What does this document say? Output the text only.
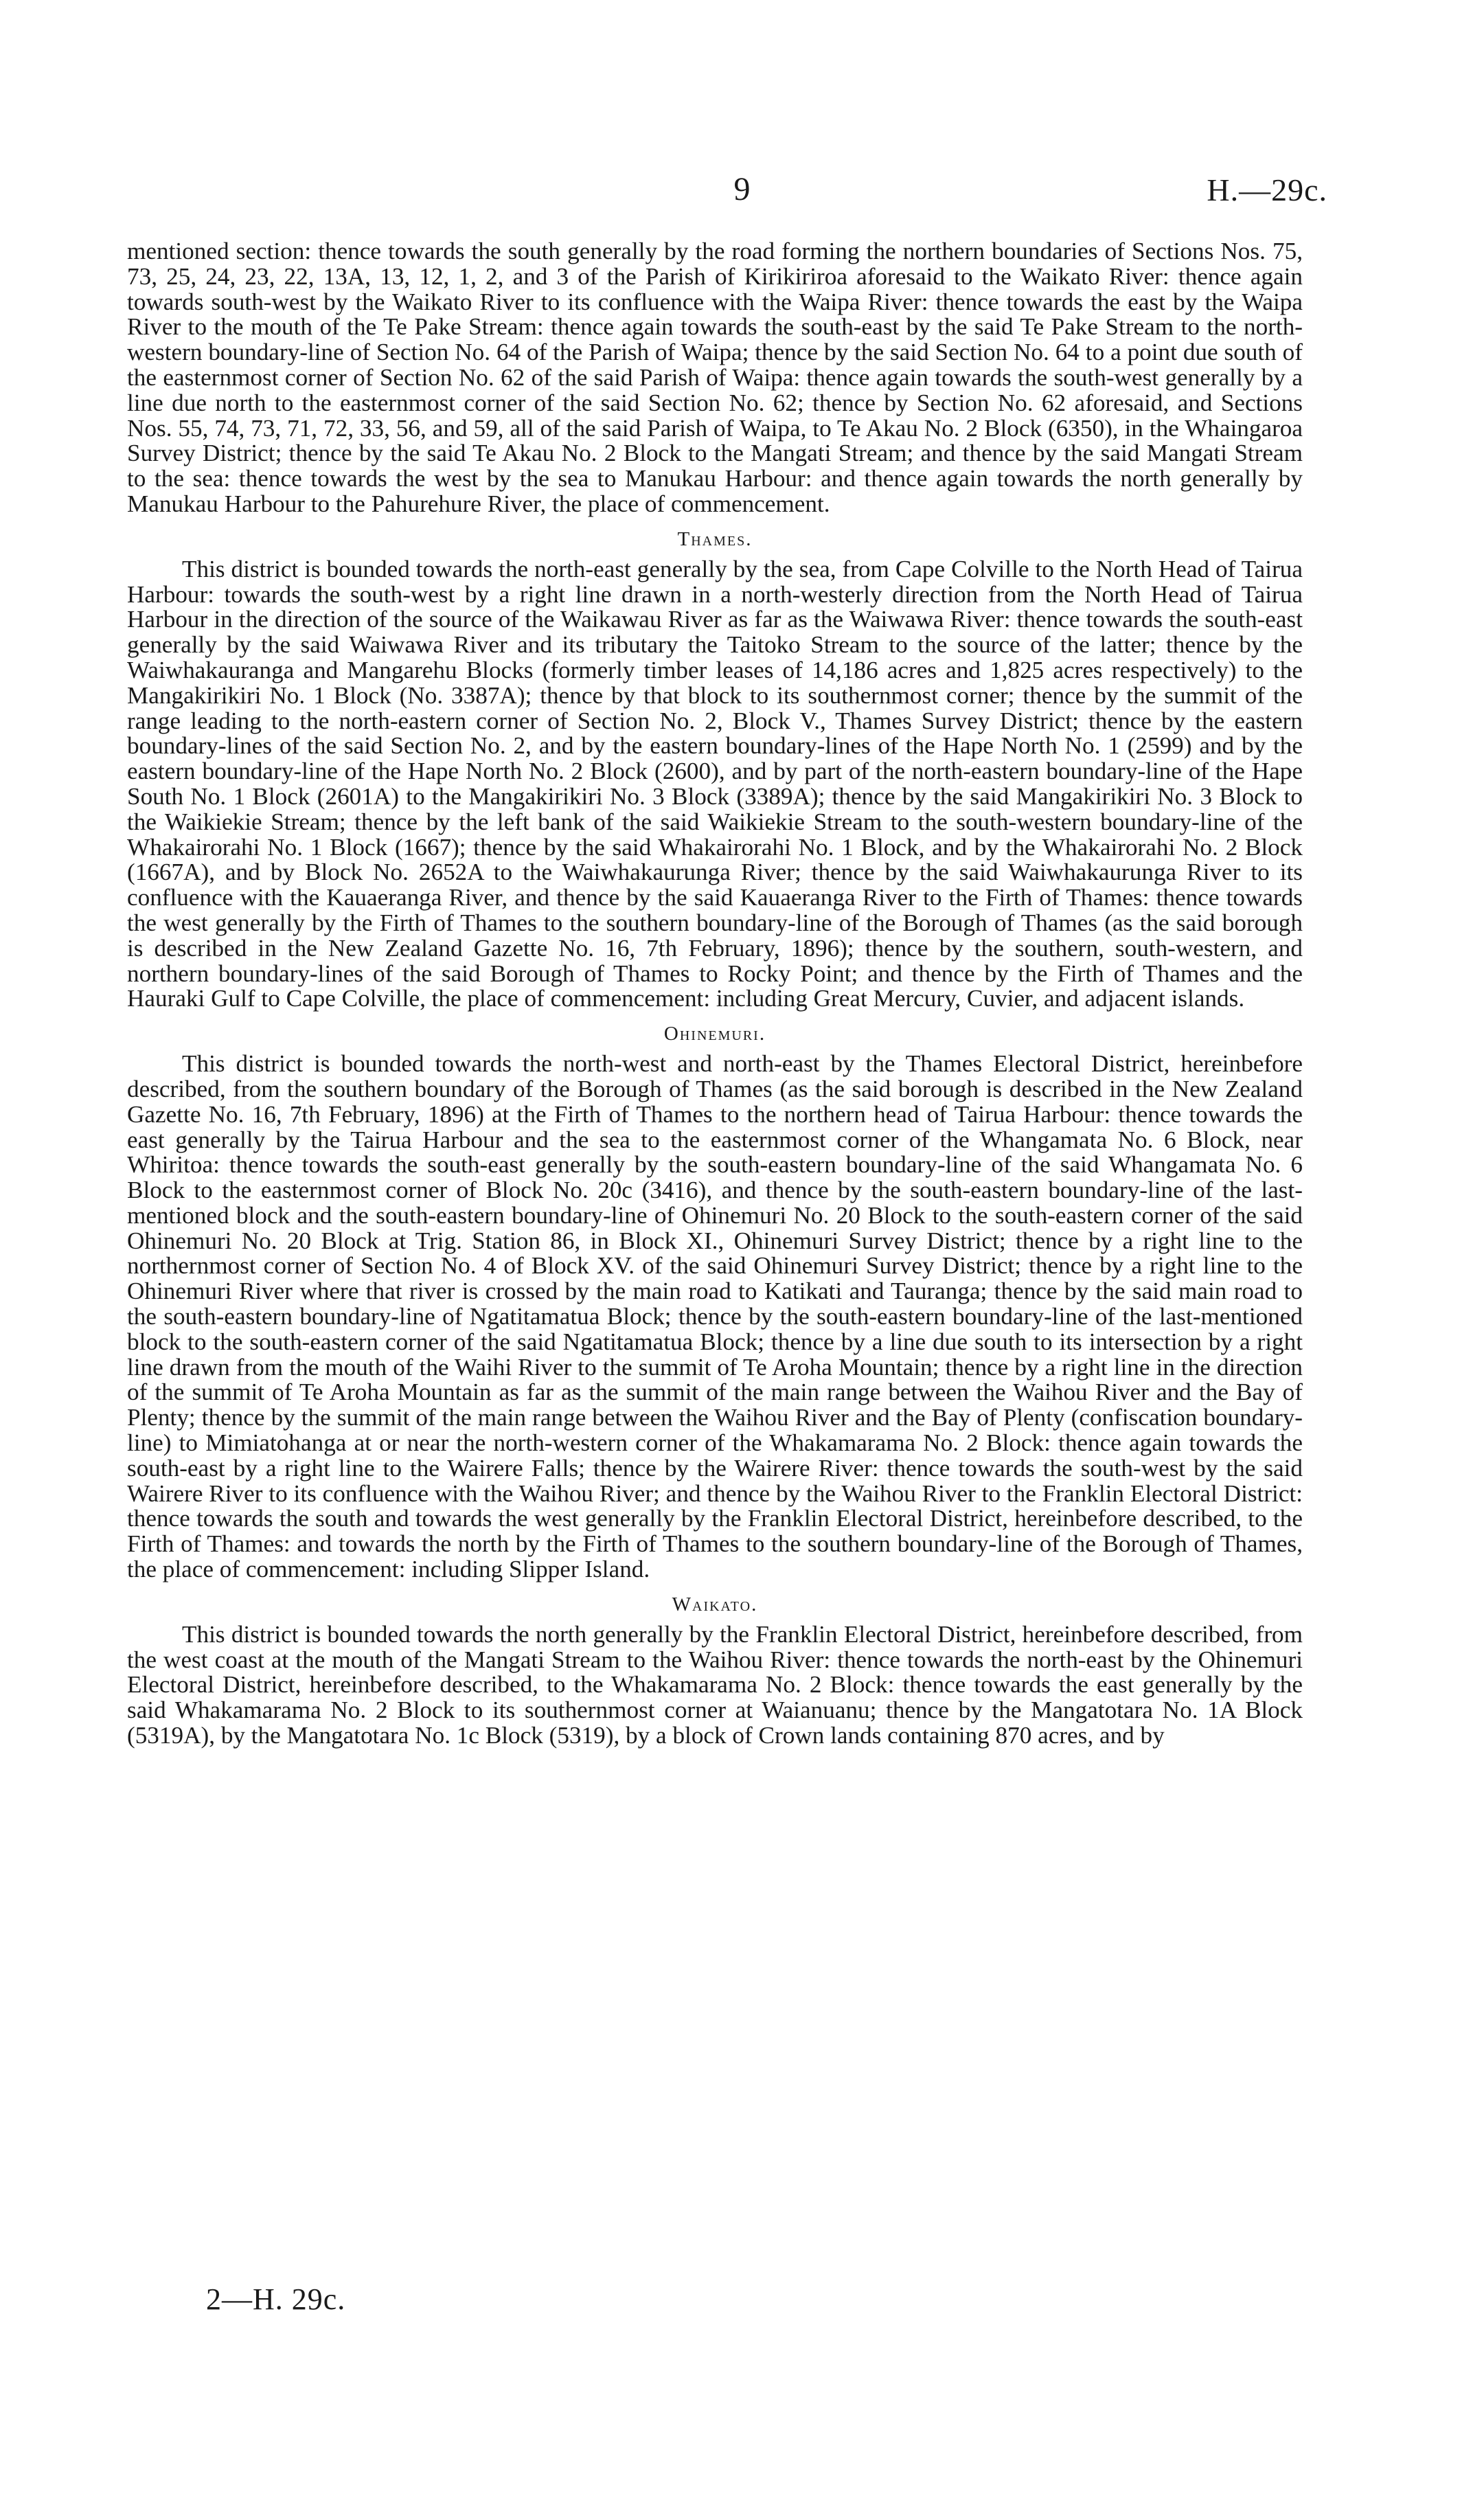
9	H.—29c.

mentioned section: thence towards the south generally by the road forming the northern boundaries of Sections Nos. 75, 73, 25, 24, 23, 22, 13A, 13, 12, 1, 2, and 3 of the Parish of Kirikiriroa aforesaid to the Waikato River: thence again towards south-west by the Waikato River to its confluence with the Waipa River: thence towards the east by the Waipa River to the mouth of the Te Pake Stream: thence again towards the south-east by the said Te Pake Stream to the north-western boundary-line of Section No. 64 of the Parish of Waipa; thence by the said Section No. 64 to a point due south of the easternmost corner of Section No. 62 of the said Parish of Waipa: thence again towards the south-west generally by a line due north to the easternmost corner of the said Section No. 62; thence by Section No. 62 aforesaid, and Sections Nos. 55, 74, 73, 71, 72, 33, 56, and 59, all of the said Parish of Waipa, to Te Akau No. 2 Block (6350), in the Whaingaroa Survey District; thence by the said Te Akau No. 2 Block to the Mangati Stream; and thence by the said Mangati Stream to the sea: thence towards the west by the sea to Manukau Harbour: and thence again towards the north generally by Manukau Harbour to the Pahurehure River, the place of commencement.

Thames.

This district is bounded towards the north-east generally by the sea, from Cape Colville to the North Head of Tairua Harbour: towards the south-west by a right line drawn in a north-westerly direction from the North Head of Tairua Harbour in the direction of the source of the Waikawau River as far as the Waiwawa River: thence towards the south-east generally by the said Waiwawa River and its tributary the Taitoko Stream to the source of the latter; thence by the Waiwhakauranga and Mangarehu Blocks (formerly timber leases of 14,186 acres and 1,825 acres respectively) to the Mangakirikiri No. 1 Block (No. 3387A); thence by that block to its southernmost corner; thence by the summit of the range leading to the north-eastern corner of Section No. 2, Block V., Thames Survey District; thence by the eastern boundary-lines of the said Section No. 2, and by the eastern boundary-lines of the Hape North No. 1 (2599) and by the eastern boundary-line of the Hape North No. 2 Block (2600), and by part of the north-eastern boundary-line of the Hape South No. 1 Block (2601A) to the Mangakirikiri No. 3 Block (3389A); thence by the said Mangakirikiri No. 3 Block to the Waikiekie Stream; thence by the left bank of the said Waikiekie Stream to the south-western boundary-line of the Whakairorahi No. 1 Block (1667); thence by the said Whakairorahi No. 1 Block, and by the Whakairorahi No. 2 Block (1667A), and by Block No. 2652A to the Waiwhakaurunga River; thence by the said Waiwhakaurunga River to its confluence with the Kauaeranga River, and thence by the said Kauaeranga River to the Firth of Thames: thence towards the west generally by the Firth of Thames to the southern boundary-line of the Borough of Thames (as the said borough is described in the New Zealand Gazette No. 16, 7th February, 1896); thence by the southern, south-western, and northern boundary-lines of the said Borough of Thames to Rocky Point; and thence by the Firth of Thames and the Hauraki Gulf to Cape Colville, the place of commencement: including Great Mercury, Cuvier, and adjacent islands.

Ohinemuri.

This district is bounded towards the north-west and north-east by the Thames Electoral District, hereinbefore described, from the southern boundary of the Borough of Thames (as the said borough is described in the New Zealand Gazette No. 16, 7th February, 1896) at the Firth of Thames to the northern head of Tairua Harbour: thence towards the east generally by the Tairua Harbour and the sea to the easternmost corner of the Whangamata No. 6 Block, near Whiritoa: thence towards the south-east generally by the south-eastern boundary-line of the said Whangamata No. 6 Block to the easternmost corner of Block No. 20c (3416), and thence by the south-eastern boundary-line of the last-mentioned block and the south-eastern boundary-line of Ohinemuri No. 20 Block to the south-eastern corner of the said Ohinemuri No. 20 Block at Trig. Station 86, in Block XI., Ohinemuri Survey District; thence by a right line to the northernmost corner of Section No. 4 of Block XV. of the said Ohinemuri Survey District; thence by a right line to the Ohinemuri River where that river is crossed by the main road to Katikati and Tauranga; thence by the said main road to the south-eastern boundary-line of Ngatitamatua Block; thence by the south-eastern boundary-line of the last-mentioned block to the south-eastern corner of the said Ngatitamatua Block; thence by a line due south to its intersection by a right line drawn from the mouth of the Waihi River to the summit of Te Aroha Mountain; thence by a right line in the direction of the summit of Te Aroha Mountain as far as the summit of the main range between the Waihou River and the Bay of Plenty; thence by the summit of the main range between the Waihou River and the Bay of Plenty (confiscation boundary-line) to Mimiatohanga at or near the north-western corner of the Whakamarama No. 2 Block: thence again towards the south-east by a right line to the Wairere Falls; thence by the Wairere River: thence towards the south-west by the said Wairere River to its confluence with the Waihou River; and thence by the Waihou River to the Franklin Electoral District: thence towards the south and towards the west generally by the Franklin Electoral District, hereinbefore described, to the Firth of Thames: and towards the north by the Firth of Thames to the southern boundary-line of the Borough of Thames, the place of commencement: including Slipper Island.

Waikato.

This district is bounded towards the north generally by the Franklin Electoral District, hereinbefore described, from the west coast at the mouth of the Mangati Stream to the Waihou River: thence towards the north-east by the Ohinemuri Electoral District, hereinbefore described, to the Whakamarama No. 2 Block: thence towards the east generally by the said Whakamarama No. 2 Block to its southernmost corner at Waianuanu; thence by the Mangatotara No. 1A Block (5319A), by the Mangatotara No. 1c Block (5319), by a block of Crown lands containing 870 acres, and by

2—H. 29c.
